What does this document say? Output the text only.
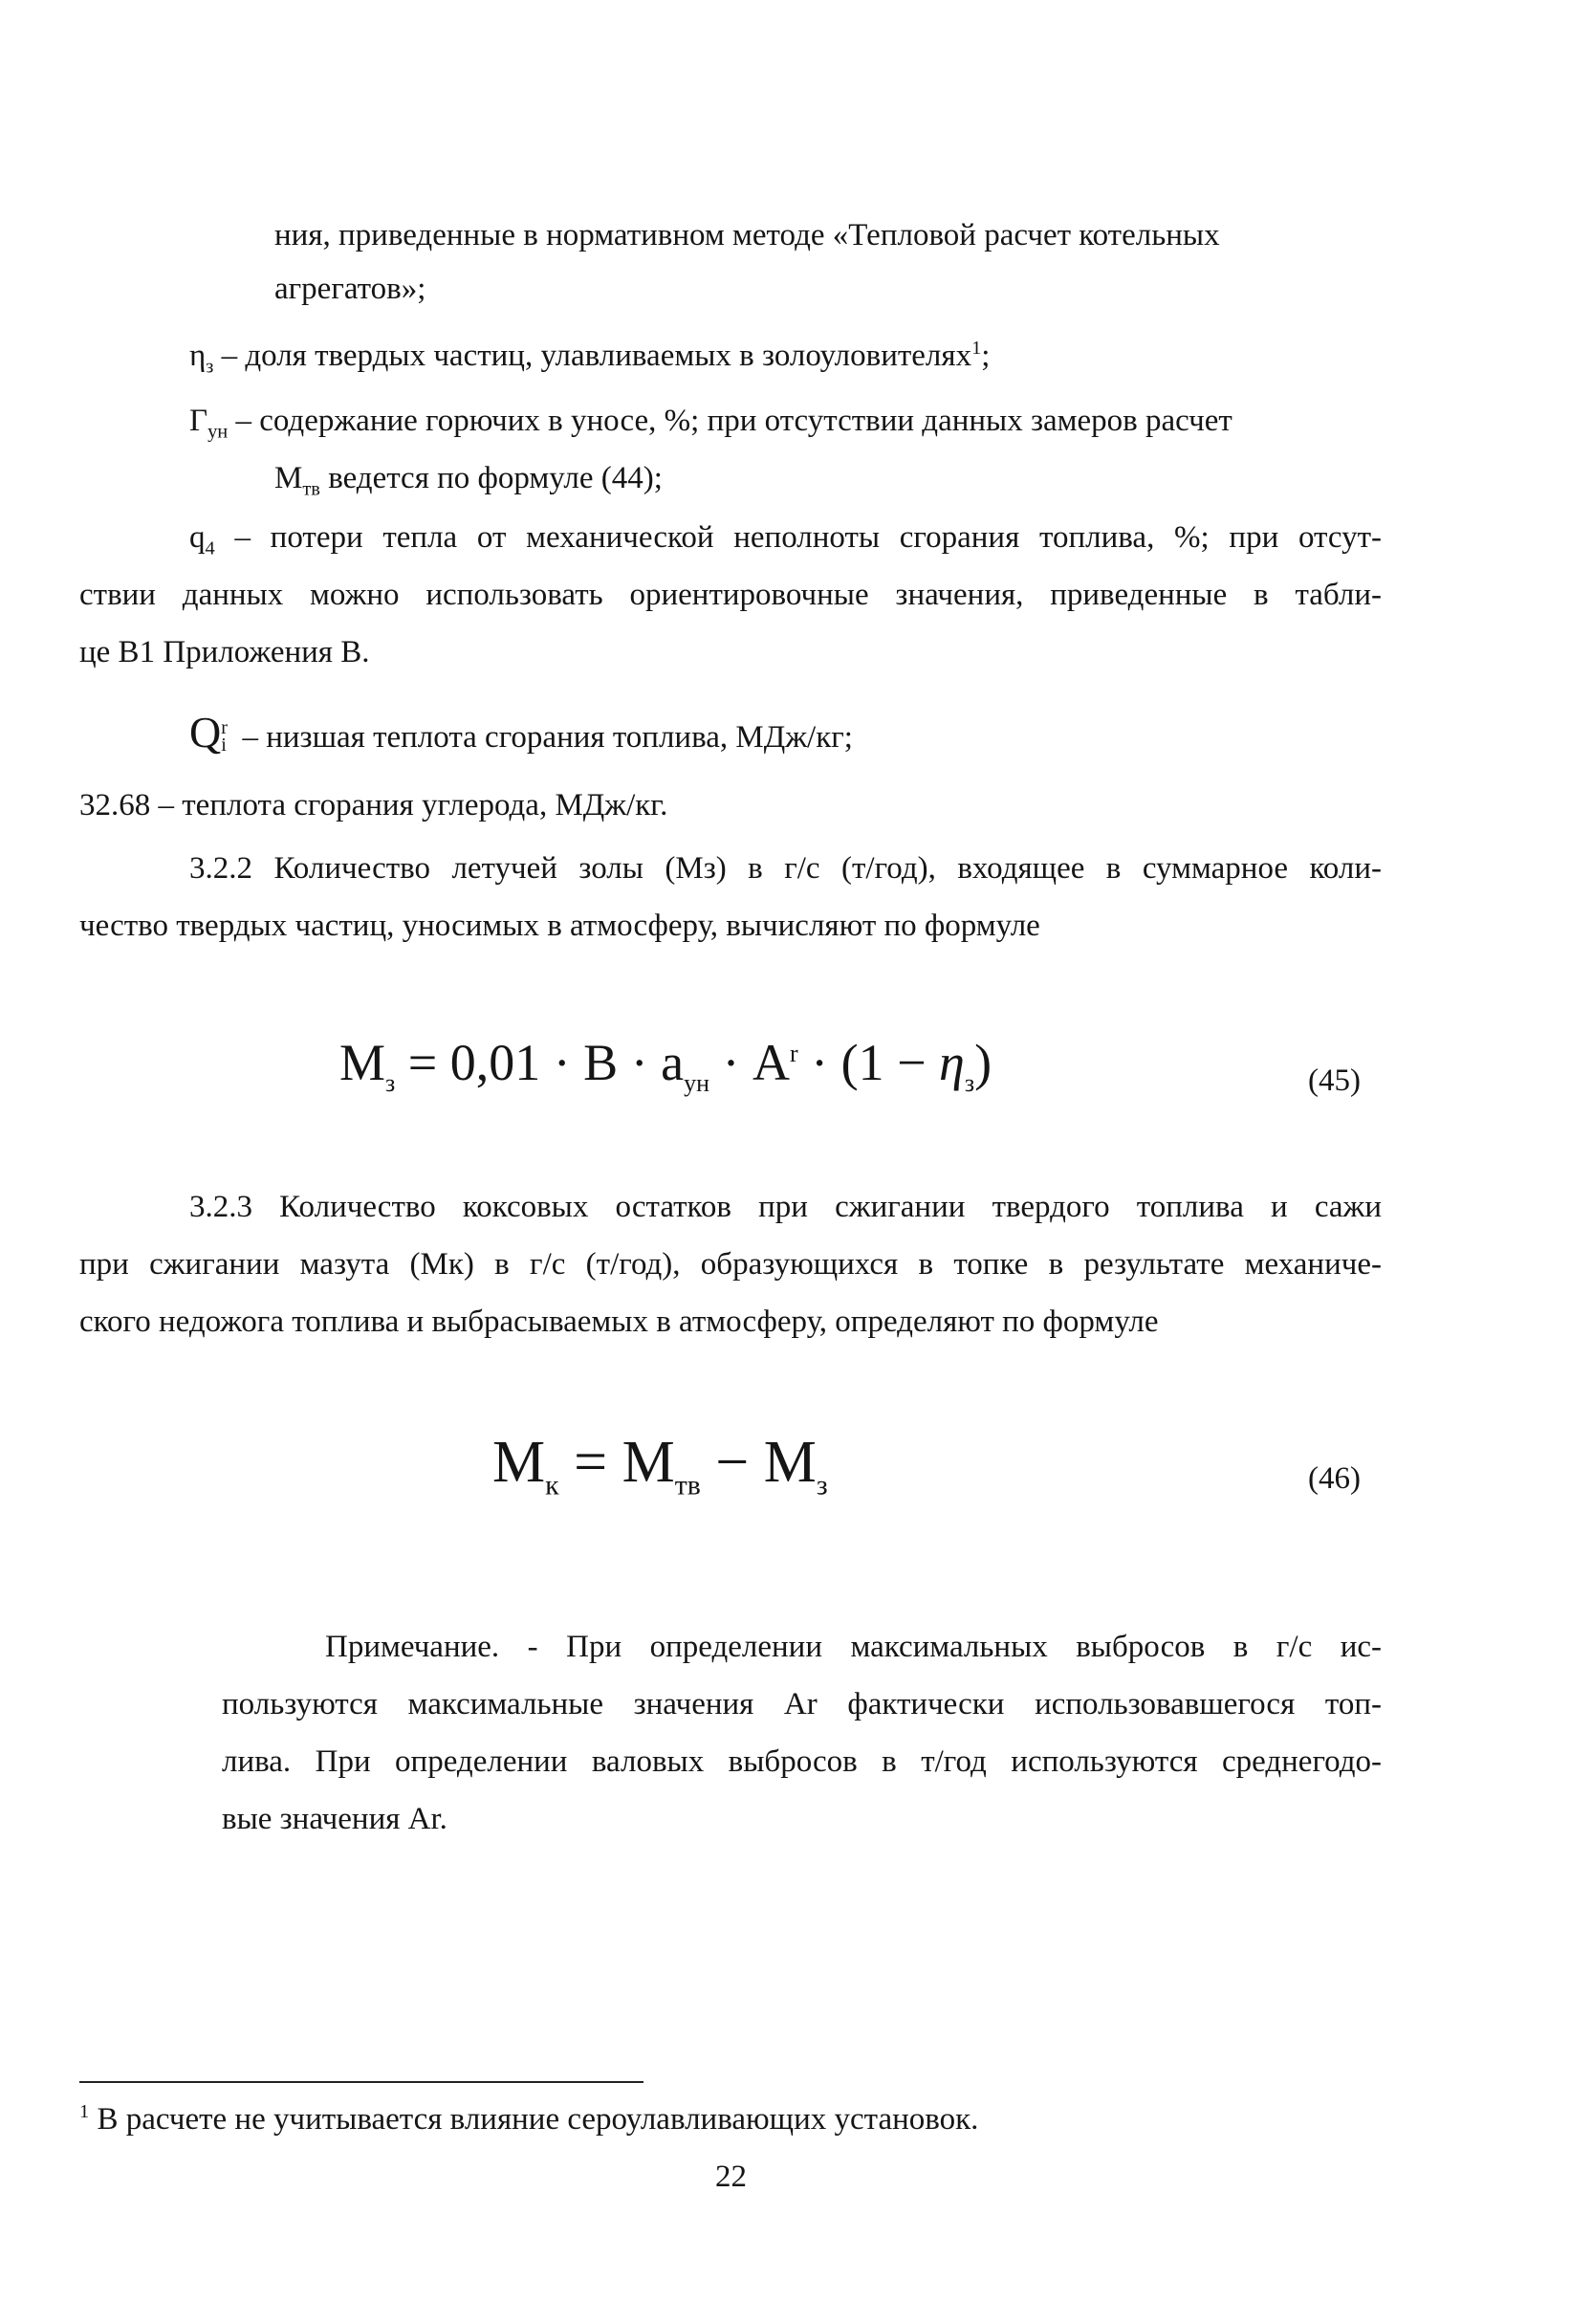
ния, приведенные в нормативном методе «Тепловой расчет котельных
агрегатов»;
$\eta_з$ – доля твердых частиц, улавливаемых в золоуловителях$^1$;
$Г_{ун}$ – содержание горючих в уносе, %; при отсутствии данных замеров расчет
$М_{тв}$ ведется по формуле (44);
$q_4$ – потери тепла от механической неполноты сгорания топлива, %; при отсут-
ствии данных можно использовать ориентировочные значения, приведенные в табли-
це В1 Приложения В.
Q r
i – низшая теплота сгорания топлива, МДж/кг;
32.68 – теплота сгорания углерода, МДж/кг.
3.2.2 Количество летучей золы (Мз) в г/с (т/год), входящее в суммарное коли-
чество твердых частиц, уносимых в атмосферу, вычисляют по формуле
$М_з = 0,01 \cdot B \cdot a_{ун} \cdot A^r \cdot (1 - \eta_з)$	(45)
3.2.3 Количество коксовых остатков при сжигании твердого топлива и сажи
при сжигании мазута (Мк) в г/с (т/год), образующихся в топке в результате механиче-
ского недожога топлива и выбрасываемых в атмосферу, определяют по формуле
$М_к = М_{тв} - М_з$	(46)
Примечание. - При определении максимальных выбросов в г/с ис-
пользуются максимальные значения Ar фактически использовавшегося топ-
лива. При определении валовых выбросов в т/год используются среднегодо-
вые значения Ar.
$^1$ В расчете не учитывается влияние сероулавливающих установок.
22
